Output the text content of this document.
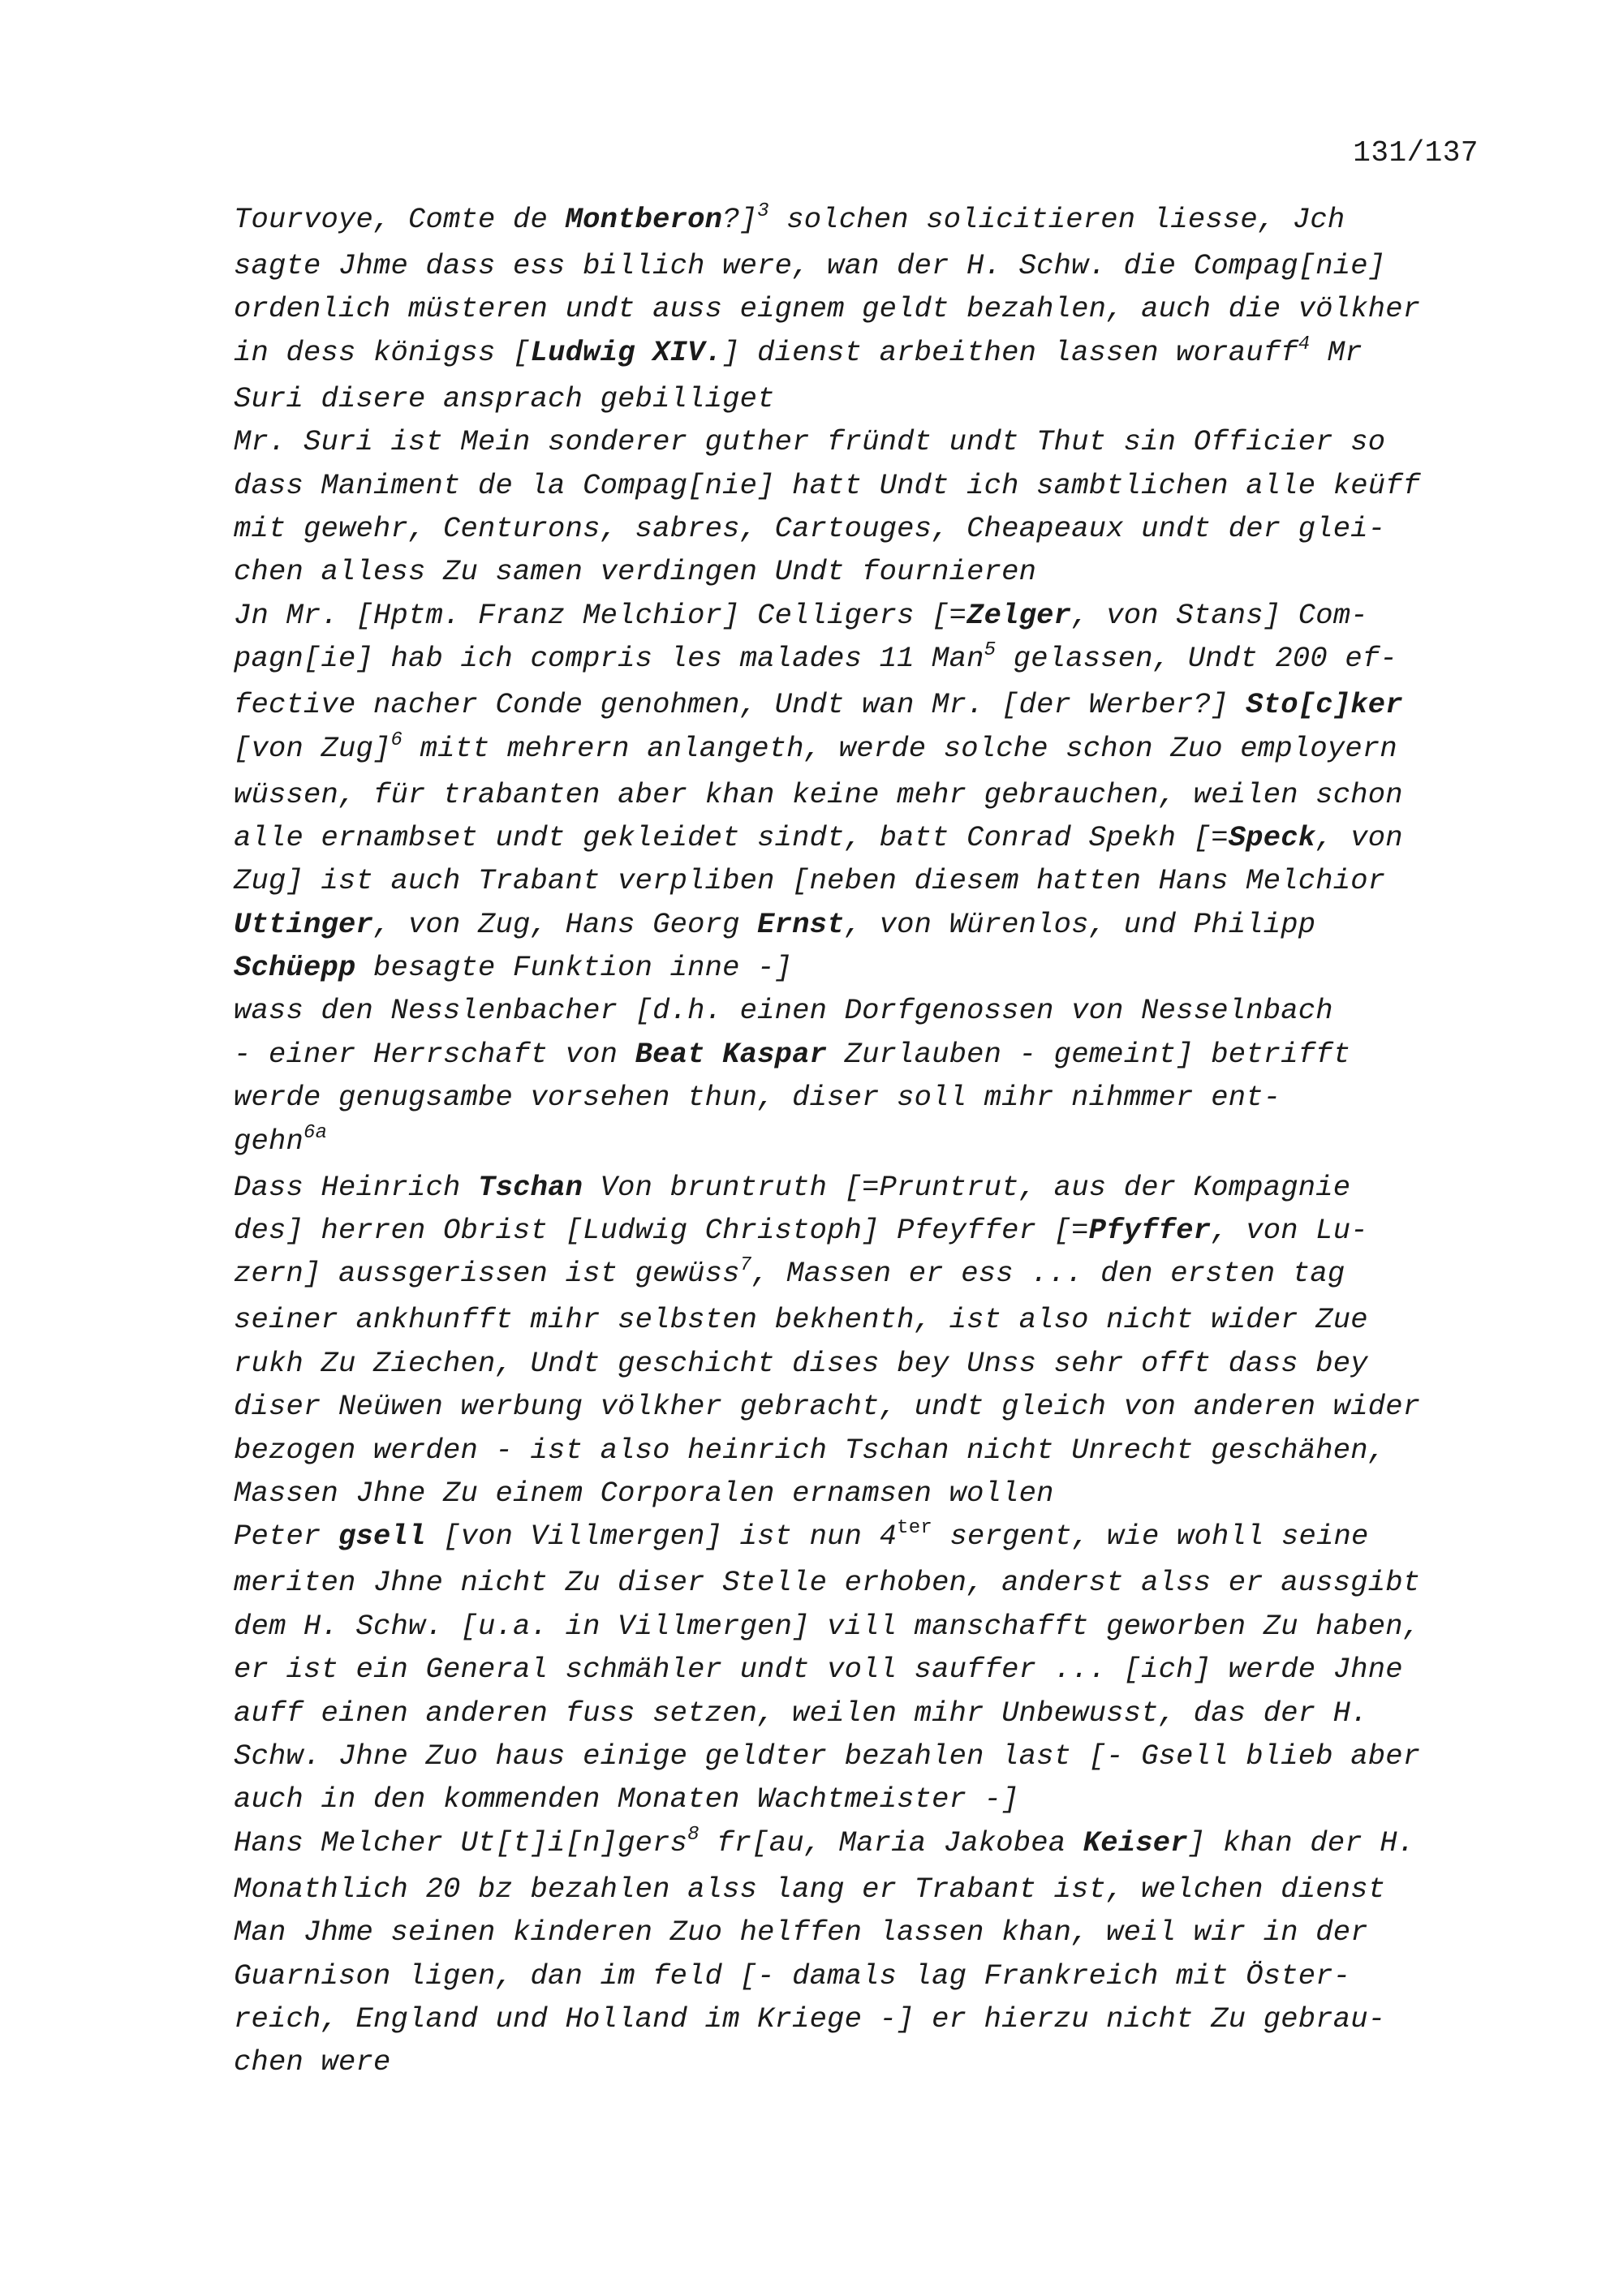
131/137
Tourvoye, Comte de Montberon?]$^3$ solchen solicitieren liesse, Jch
sagte Jhme dass ess billich were, wan der H. Schw. die Compag[nie]
ordenlich müsteren undt auss eignem geldt bezahlen, auch die völkher
in dess königss [Ludwig XIV.] dienst arbeithen lassen worauff$^4$ Mr
Suri disere ansprach gebilliget
Mr. Suri ist Mein sonderer guther fründt undt Thut sin Officier so
dass Maniment de la Compag[nie] hatt Undt ich sambtlichen alle keüff
mit gewehr, Centurons, sabres, Cartouges, Cheapeaux undt der glei-
chen alless Zu samen verdingen Undt fournieren
Jn Mr. [Hptm. Franz Melchior] Celligers [=Zelger, von Stans] Com-
pagn[ie] hab ich compris les malades 11 Man$^5$ gelassen, Undt 200 ef-
fective nacher Conde genohmen, Undt wan Mr. [der Werber?] Sto[c]ker
[von Zug]$^6$ mitt mehrern anlangeth, werde solche schon Zuo employern
wüssen, für trabanten aber khan keine mehr gebrauchen, weilen schon
alle ernambset undt gekleidet sindt, batt Conrad Spekh [=Speck, von
Zug] ist auch Trabant verpliben [neben diesem hatten Hans Melchior
Uttinger, von Zug, Hans Georg Ernst, von Würenlos, und Philipp
Schüepp besagte Funktion inne -]
wass den Nesslenbacher [d.h. einen Dorfgenossen von Nesselnbach
- einer Herrschaft von Beat Kaspar Zurlauben - gemeint] betrifft
werde genugsambe vorsehen thun, diser soll mihr nihmmer ent-
gehn$^{6a}$
Dass Heinrich Tschan Von bruntruth [=Pruntrut, aus der Kompagnie
des] herren Obrist [Ludwig Christoph] Pfeyffer [=Pfyffer, von Lu-
zern] aussgerissen ist gewüss$^7$, Massen er ess ... den ersten tag
seiner ankhunfft mihr selbsten bekhenth, ist also nicht wider Zue
rukh Zu Ziechen, Undt geschicht dises bey Unss sehr offt dass bey
diser Neüwen werbung völkher gebracht, undt gleich von anderen wider
bezogen werden - ist also heinrich Tschan nicht Unrecht geschähen,
Massen Jhne Zu einem Corporalen ernamsen wollen
Peter gsell [von Villmergen] ist nun $4^{ter}$ sergent, wie wohll seine
meriten Jhne nicht Zu diser Stelle erhoben, anderst alss er aussgibt
dem H. Schw. [u.a. in Villmergen] vill manschafft geworben Zu haben,
er ist ein General schmähler undt voll sauffer ... [ich] werde Jhne
auff einen anderen fuss setzen, weilen mihr Unbewusst, das der H.
Schw. Jhne Zuo haus einige geldter bezahlen last [- Gsell blieb aber
auch in den kommenden Monaten Wachtmeister -]
Hans Melcher Ut[t]i[n]gers$^8$ fr[au, Maria Jakobea Keiser] khan der H.
Monathlich 20 bz bezahlen alss lang er Trabant ist, welchen dienst
Man Jhme seinen kinderen Zuo helffen lassen khan, weil wir in der
Guarnison ligen, dan im feld [- damals lag Frankreich mit Öster-
reich, England und Holland im Kriege -] er hierzu nicht Zu gebrau-
chen were
